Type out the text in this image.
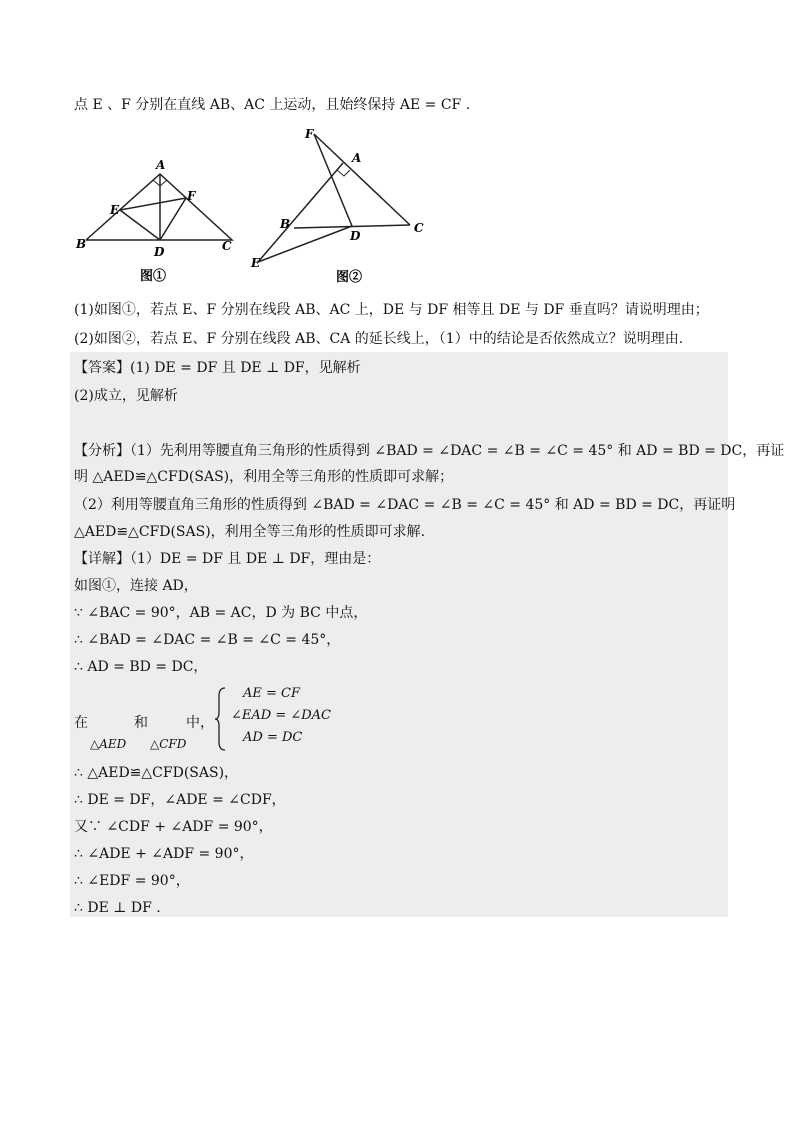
点 E 、F 分别在直线 AB、AC 上运动，且始终保持 AE = CF .
A
B	C
D
E
F
图①
F
A
B	C
D
E
图②
(1)如图①，若点 E、F 分别在线段 AB、AC 上，DE 与 DF 相等且 DE 与 DF 垂直吗？请说明理由；
(2)如图②，若点 E、F 分别在线段 AB、CA 的延长线上，（1）中的结论是否依然成立？说明理由.
【答案】(1) DE = DF 且 DE ⊥ DF，见解析
(2)成立，见解析
【分析】（1）先利用等腰直角三角形的性质得到 ∠BAD = ∠DAC = ∠B = ∠C = 45° 和 AD = BD = DC，再证
明 △AED≌△CFD(SAS)，利用全等三角形的性质即可求解；
（2）利用等腰直角三角形的性质得到 ∠BAD = ∠DAC = ∠B = ∠C = 45° 和 AD = BD = DC，再证明
△AED≌△CFD(SAS)，利用全等三角形的性质即可求解.
【详解】（1）DE = DF 且 DE ⊥ DF，理由是：
如图①，连接 AD，
∵ ∠BAC = 90°，AB = AC，D 为 BC 中点，
∴ ∠BAD = ∠DAC = ∠B = ∠C = 45°，
∴ AD = BD = DC，
在	和	中，
△AED △CFD
AE = CF
∠EAD = ∠DAC
AD = DC
∴ △AED≌△CFD(SAS)，
∴ DE = DF，∠ADE = ∠CDF，
又∵ ∠CDF + ∠ADF = 90°，
∴ ∠ADE + ∠ADF = 90°，
∴ ∠EDF = 90°，
∴ DE ⊥ DF .
